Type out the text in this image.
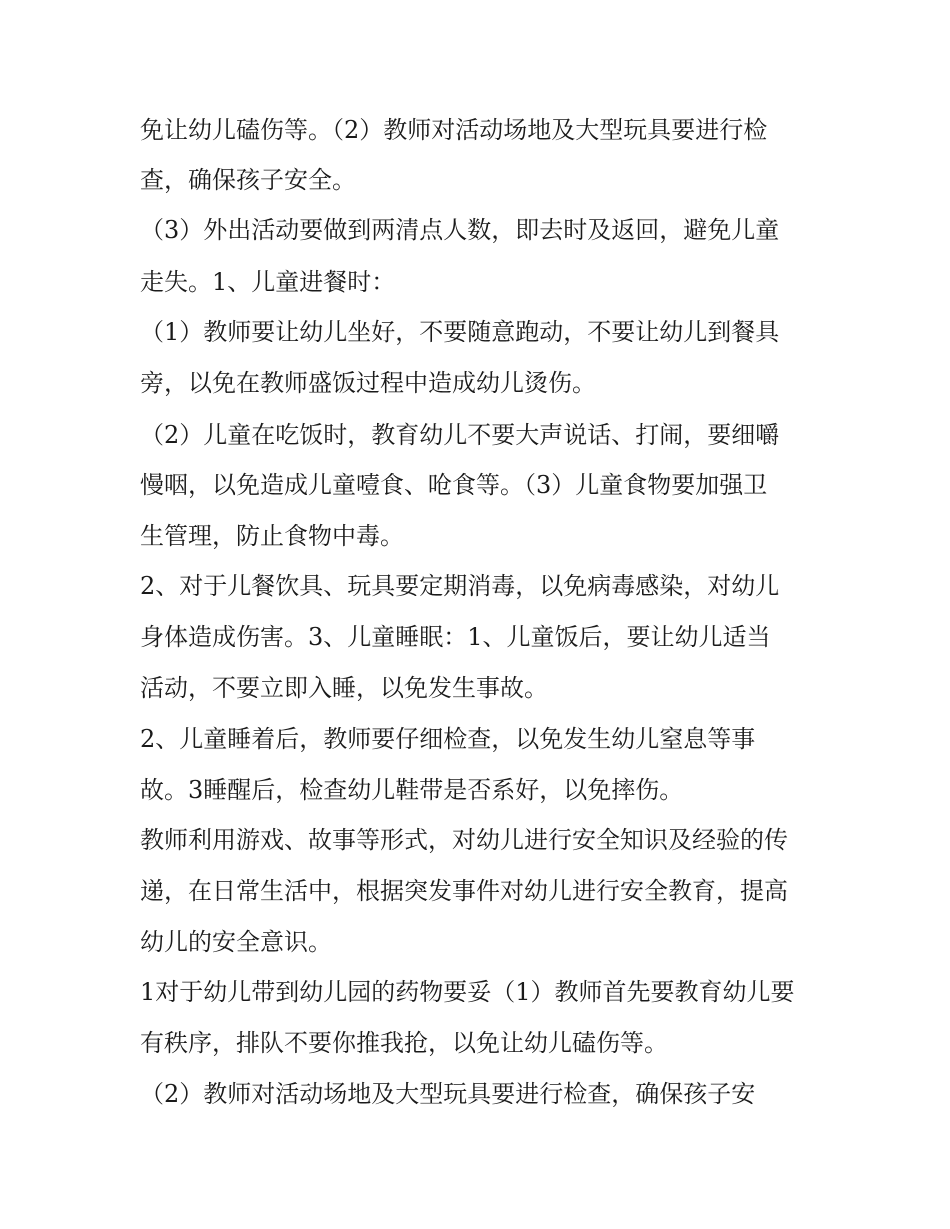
免让幼儿磕伤等。（2）教师对活动场地及大型玩具要进行检
查，确保孩子安全。
（3）外出活动要做到两清点人数，即去时及返回，避免儿童
走失。1、儿童进餐时：
（1）教师要让幼儿坐好，不要随意跑动，不要让幼儿到餐具
旁，以免在教师盛饭过程中造成幼儿烫伤。
（2）儿童在吃饭时，教育幼儿不要大声说话、打闹，要细嚼
慢咽，以免造成儿童噎食、呛食等。（3）儿童食物要加强卫
生管理，防止食物中毒。
2、对于儿餐饮具、玩具要定期消毒，以免病毒感染，对幼儿
身体造成伤害。3、儿童睡眠：1、儿童饭后，要让幼儿适当
活动，不要立即入睡，以免发生事故。
2、儿童睡着后，教师要仔细检查，以免发生幼儿窒息等事
故。3睡醒后，检查幼儿鞋带是否系好，以免摔伤。
教师利用游戏、故事等形式，对幼儿进行安全知识及经验的传
递，在日常生活中，根据突发事件对幼儿进行安全教育，提高
幼儿的安全意识。
1对于幼儿带到幼儿园的药物要妥（1）教师首先要教育幼儿要
有秩序，排队不要你推我抢，以免让幼儿磕伤等。
（2）教师对活动场地及大型玩具要进行检查，确保孩子安
